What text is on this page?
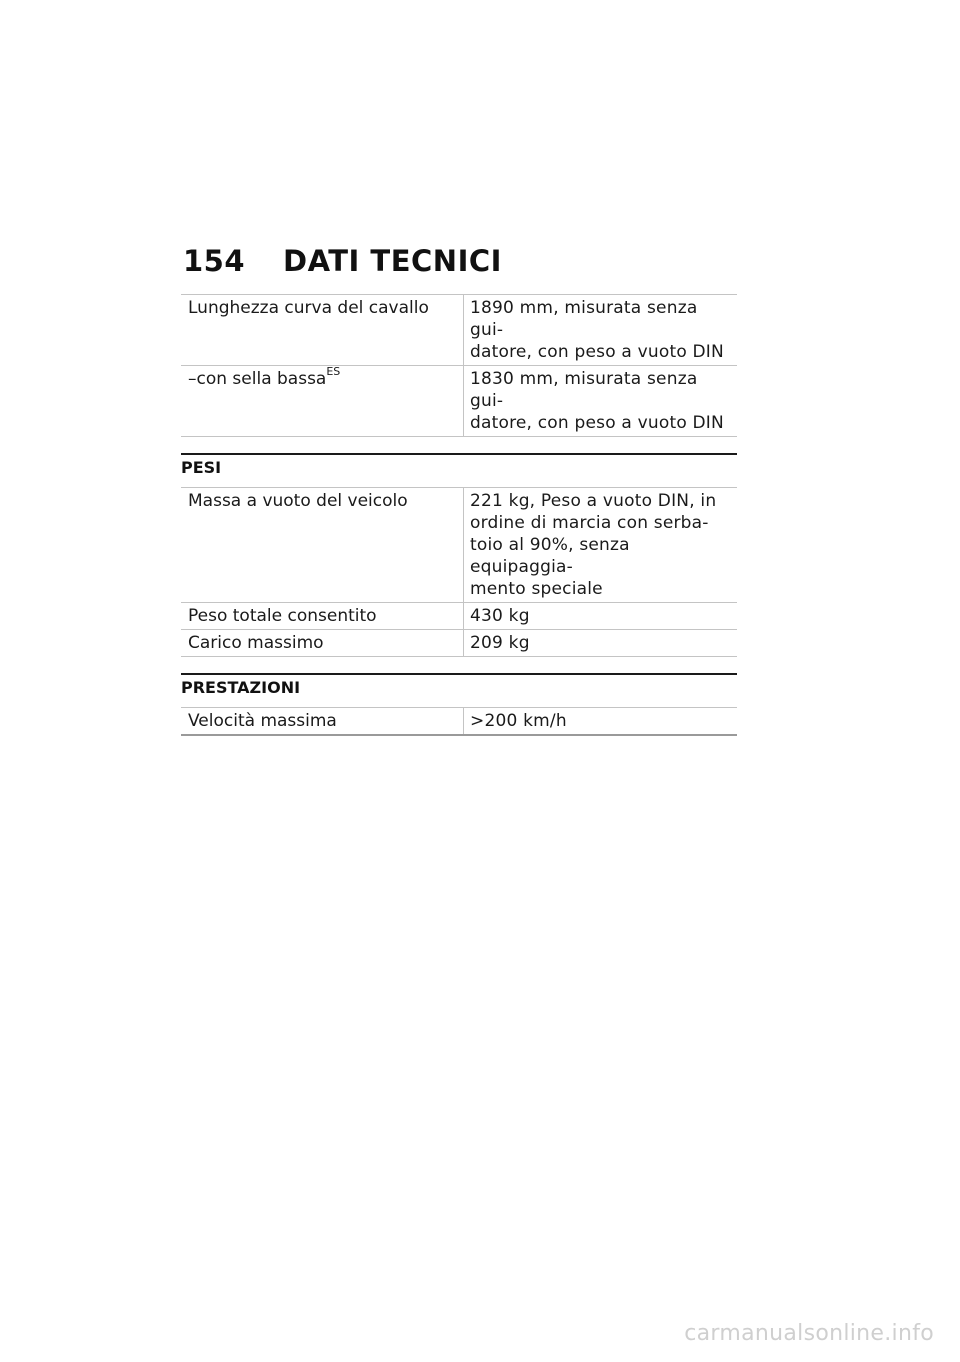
154 DATI TECNICI
Lunghezza curva del cavallo	1890 mm, misurata senza gui-
datore, con peso a vuoto DIN
–con sella bassa$^{ES}$	1830 mm, misurata senza gui-
datore, con peso a vuoto DIN
PESI
Massa a vuoto del veicolo	221 kg, Peso a vuoto DIN, in
ordine di marcia con serba-
toio al 90%, senza equipaggia-
mento speciale
Peso totale consentito	430 kg
Carico massimo	209 kg
PRESTAZIONI
Velocità massima	>200 km/h
carmanualsonline.info
